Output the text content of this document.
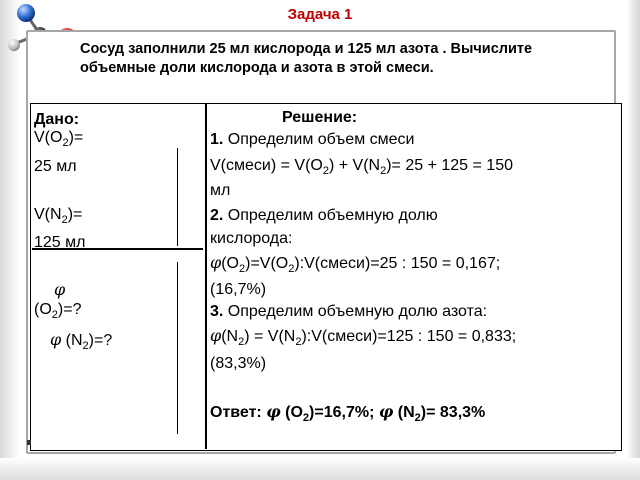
Задача 1
Сосуд заполнили 25 мл кислорода и 125 мл азота . Вычислите объемные доли кислорода и азота в этой смеси.
Дано:
$V(O_2)=$
25 мл
$V(N_2)=$
125 мл
φ
$(O_2)=$?
φ $(N_2)=$?
Решение:
1. Определим объем смеси
V(смеси) = $V(O_2) + V(N_2)= 25 + 125 = 150$
мл
2. Определим объемную долю
кислорода:
$\varphi(O_2)=V(O_2):V(смеси)=25$ : 150 = 0,167;
(16,7%)
3. Определим объемную долю азота:
$\varphi(N_2)$ = $V(N_2):V(смеси)=125$ : 150 = 0,833;
(83,3%)
Ответ: φ $(O_2)=16,7\%$; φ $(N_2)= 83,3\%$
